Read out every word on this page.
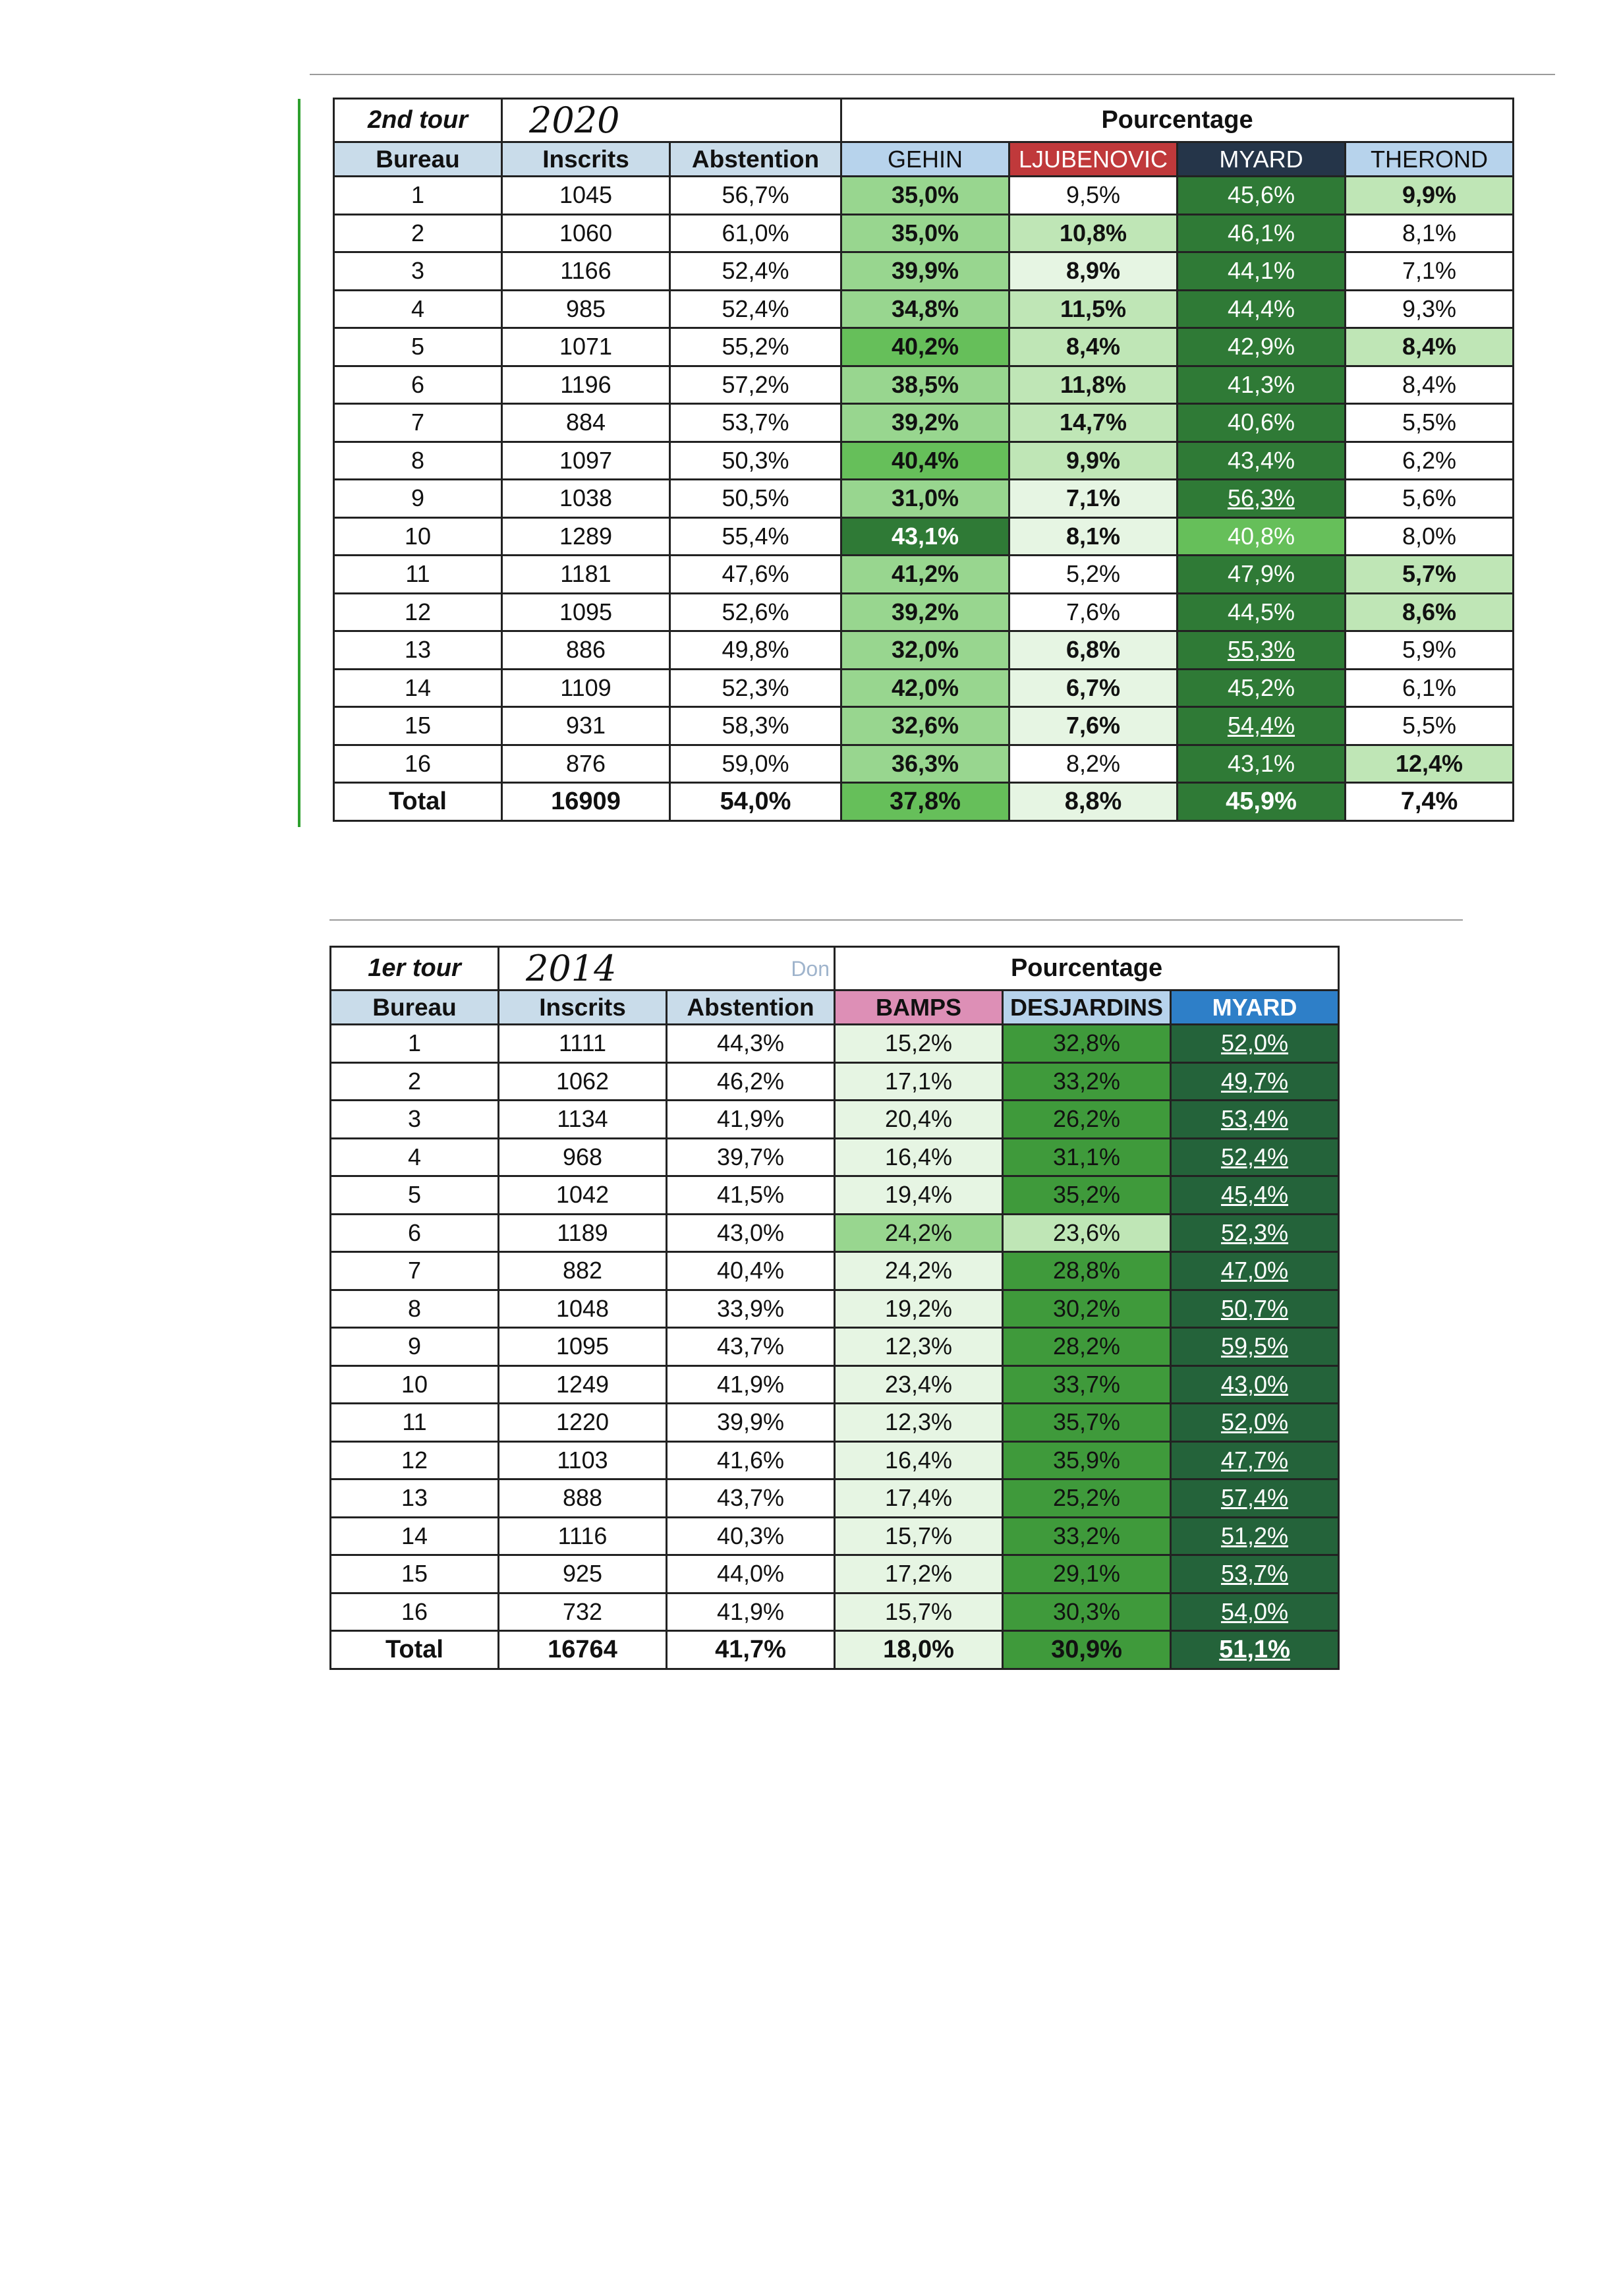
2nd tour	2020		Pourcentage			
Bureau	Inscrits	Abstention	GEHIN	LJUBENOVIC	MYARD	THEROND
1	1045	56,7%	35,0%	9,5%	45,6%	9,9%
2	1060	61,0%	35,0%	10,8%	46,1%	8,1%
3	1166	52,4%	39,9%	8,9%	44,1%	7,1%
4	985	52,4%	34,8%	11,5%	44,4%	9,3%
5	1071	55,2%	40,2%	8,4%	42,9%	8,4%
6	1196	57,2%	38,5%	11,8%	41,3%	8,4%
7	884	53,7%	39,2%	14,7%	40,6%	5,5%
8	1097	50,3%	40,4%	9,9%	43,4%	6,2%
9	1038	50,5%	31,0%	7,1%	56,3%	5,6%
10	1289	55,4%	43,1%	8,1%	40,8%	8,0%
11	1181	47,6%	41,2%	5,2%	47,9%	5,7%
12	1095	52,6%	39,2%	7,6%	44,5%	8,6%
13	886	49,8%	32,0%	6,8%	55,3%	5,9%
14	1109	52,3%	42,0%	6,7%	45,2%	6,1%
15	931	58,3%	32,6%	7,6%	54,4%	5,5%
16	876	59,0%	36,3%	8,2%	43,1%	12,4%
Total	16909	54,0%	37,8%	8,8%	45,9%	7,4%
1er tour	2014 Don		Pourcentage		
Bureau	Inscrits	Abstention	BAMPS	DESJARDINS	MYARD
1	1111	44,3%	15,2%	32,8%	52,0%
2	1062	46,2%	17,1%	33,2%	49,7%
3	1134	41,9%	20,4%	26,2%	53,4%
4	968	39,7%	16,4%	31,1%	52,4%
5	1042	41,5%	19,4%	35,2%	45,4%
6	1189	43,0%	24,2%	23,6%	52,3%
7	882	40,4%	24,2%	28,8%	47,0%
8	1048	33,9%	19,2%	30,2%	50,7%
9	1095	43,7%	12,3%	28,2%	59,5%
10	1249	41,9%	23,4%	33,7%	43,0%
11	1220	39,9%	12,3%	35,7%	52,0%
12	1103	41,6%	16,4%	35,9%	47,7%
13	888	43,7%	17,4%	25,2%	57,4%
14	1116	40,3%	15,7%	33,2%	51,2%
15	925	44,0%	17,2%	29,1%	53,7%
16	732	41,9%	15,7%	30,3%	54,0%
Total	16764	41,7%	18,0%	30,9%	51,1%
